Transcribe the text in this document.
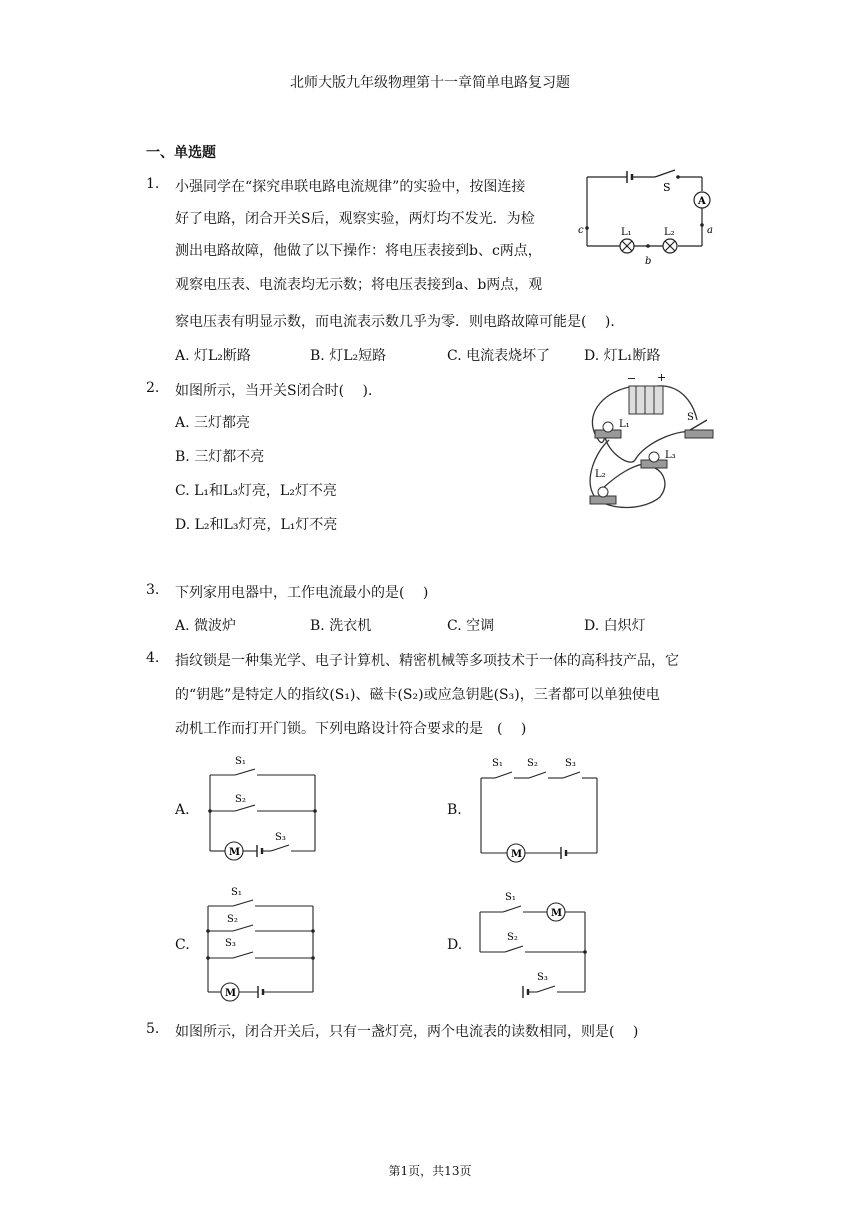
北师大版九年级物理第十一章简单电路复习题
一、单选题
1. 小强同学在“探究串联电路电流规律”的实验中，按图连接
好了电路，闭合开关S后，观察实验，两灯均不发光．为检
测出电路故障，他做了以下操作：将电压表接到b、c两点，
观察电压表、电流表均无示数；将电压表接到a、b两点，观
察电压表有明显示数，而电流表示数几乎为零．则电路故障可能是(　 )．
A. 灯L₂断路	B. 灯L₂短路	C. 电流表烧坏了 D. 灯L₁断路
S
A
L₁	L₂	a
b
c
2. 如图所示，当开关S闭合时(　 )．
A. 三灯都亮
B. 三灯都不亮
C. L₁和L₃灯亮，L₂灯不亮
D. L₂和L₃灯亮，L₁灯不亮
− +
L₁
L₃
L₂
S
3. 下列家用电器中，工作电流最小的是(　 )
A. 微波炉	B. 洗衣机	C. 空调	D. 白炽灯
4. 指纹锁是一种集光学、电子计算机、精密机械等多项技术于一体的高科技产品，它
的“钥匙”是特定人的指纹(S₁)、磁卡(S₂)或应急钥匙(S₃)，三者都可以单独使电
动机工作而打开门锁。下列电路设计符合要求的是　(　 )
A.	B.
C.	D.
S₁
S₂
S₃
M
S₁ S₂	S₃
M
S₁
S₂
S₃
M
S₁
S₂
S₃
M
5. 如图所示，闭合开关后，只有一盏灯亮，两个电流表的读数相同，则是(　 )
第1页，共13页
